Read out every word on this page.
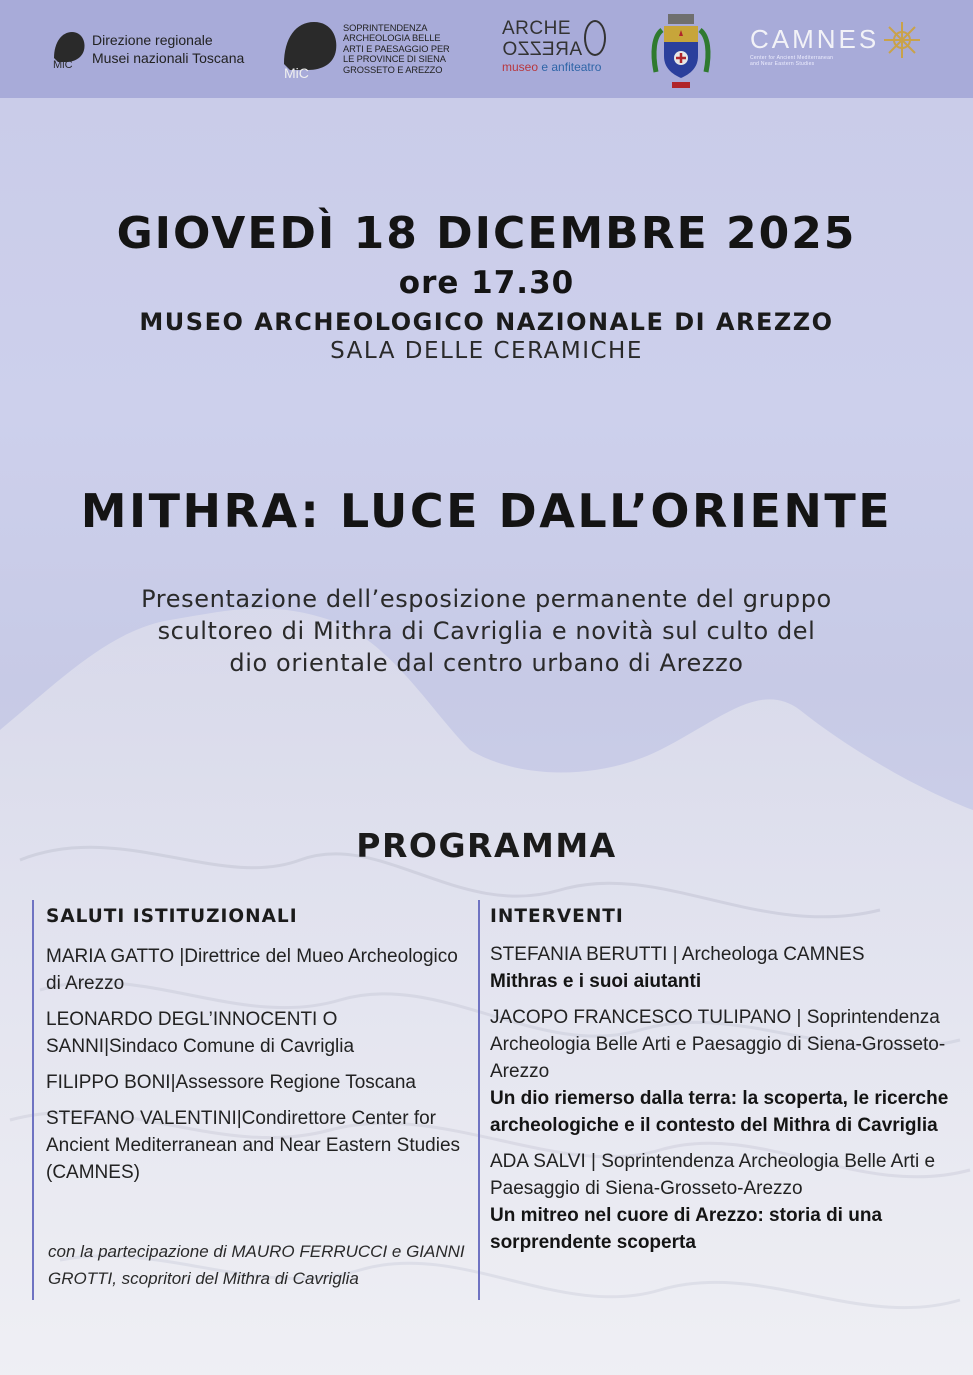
MiC
Direzione regionale
Musei nazionali Toscana
MiC
SOPRINTENDENZA
ARCHEOLOGIA BELLE
ARTI E PAESAGGIO PER
LE PROVINCE DI SIENA
GROSSETO E AREZZO
ARCHE
AREZZO
museo e anfiteatro
CAMNES
Center for Ancient Mediterranean
and Near Eastern Studies
GIOVEDÌ 18 DICEMBRE 2025
ore 17.30
MUSEO ARCHEOLOGICO NAZIONALE DI AREZZO
SALA DELLE CERAMICHE
MITHRA: LUCE DALL’ORIENTE
Presentazione dell’esposizione permanente del gruppo
scultoreo di Mithra di Cavriglia e novità sul culto del
dio orientale dal centro urbano di Arezzo
PROGRAMMA
SALUTI ISTITUZIONALI
MARIA GATTO |Direttrice del Mueo Archeologico di Arezzo
LEONARDO DEGL’INNOCENTI O SANNI|Sindaco Comune di Cavriglia
FILIPPO BONI|Assessore Regione Toscana
STEFANO VALENTINI|Condirettore Center for Ancient Mediterranean and Near Eastern Studies (CAMNES)
con la partecipazione di MAURO FERRUCCI e GIANNI GROTTI, scopritori del Mithra di Cavriglia
INTERVENTI
STEFANIA BERUTTI | Archeologa CAMNES
Mithras e i suoi aiutanti
JACOPO FRANCESCO TULIPANO | Soprintendenza Archeologia Belle Arti e Paesaggio di Siena-Grosseto-Arezzo
Un dio riemerso dalla terra: la scoperta, le ricerche archeologiche e il contesto del Mithra di Cavriglia
ADA SALVI | Soprintendenza Archeologia Belle Arti e Paesaggio di Siena-Grosseto-Arezzo
Un mitreo nel cuore di Arezzo: storia di una sorprendente scoperta
